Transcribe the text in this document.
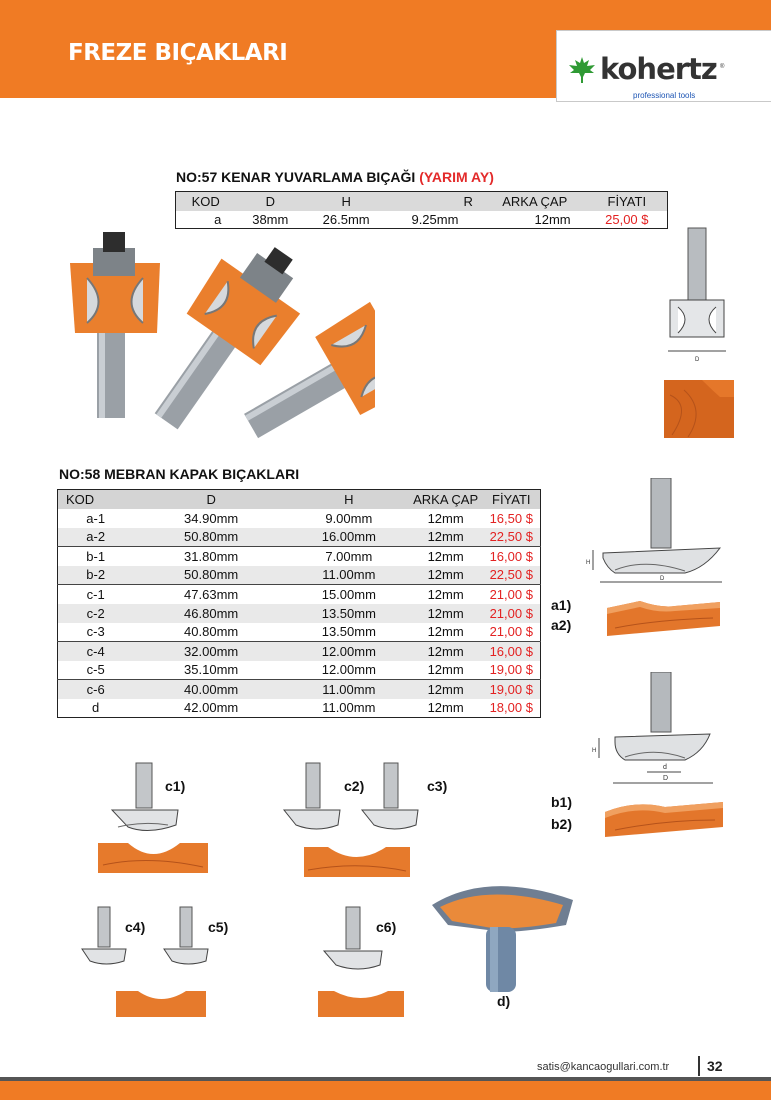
FREZE BIÇAKLARI	kohertz ®
professional tools
NO:57 KENAR YUVARLAMA BIÇAĞI (YARIM AY)
KOD	D	H	R	ARKA ÇAP	FİYATI
a	38mm	26.5mm	9.25mm	12mm	25,00 $
D
NO:58 MEBRAN KAPAK BIÇAKLARI
KOD	D	H	ARKA ÇAP	FİYATI
a-1	34.90mm	9.00mm	12mm	16,50 $
a-2	50.80mm	16.00mm	12mm	22,50 $
b-1	31.80mm	7.00mm	12mm	16,00 $
b-2	50.80mm	11.00mm	12mm	22,50 $
c-1	47.63mm	15.00mm	12mm	21,00 $
c-2	46.80mm	13.50mm	12mm	21,00 $
c-3	40.80mm	13.50mm	12mm	21,00 $
c-4	32.00mm	12.00mm	12mm	16,00 $
c-5	35.10mm	12.00mm	12mm	19,00 $
c-6	40.00mm	11.00mm	12mm	19,00 $
d	42.00mm	11.00mm	12mm	18,00 $
H
D
a1)
a2)
H
d
D
b1)
b2)
c1)	c2)	c3)
c4)	c5)	c6)
d)
satis@kancaogullari.com.tr	32
